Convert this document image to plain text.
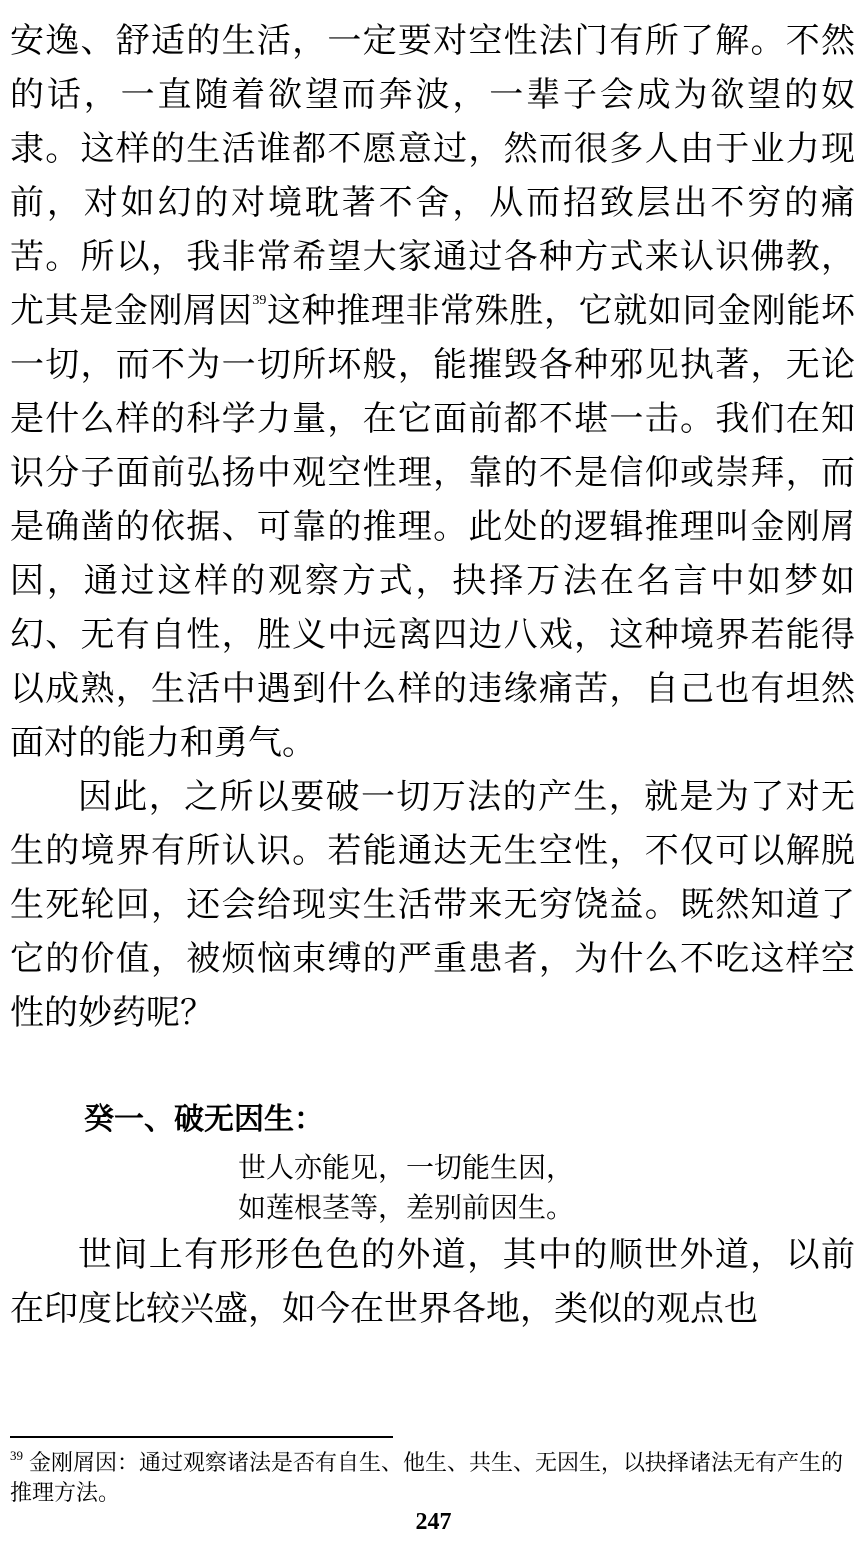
安逸、舒适的生活，一定要对空性法门有所了解。不然的话，一直随着欲望而奔波，一辈子会成为欲望的奴隶。这样的生活谁都不愿意过，然而很多人由于业力现前，对如幻的对境耽著不舍，从而招致层出不穷的痛苦。所以，我非常希望大家通过各种方式来认识佛教，尤其是金刚屑因$^{39}$这种推理非常殊胜，它就如同金刚能坏一切，而不为一切所坏般，能摧毁各种邪见执著，无论是什么样的科学力量，在它面前都不堪一击。我们在知识分子面前弘扬中观空性理，靠的不是信仰或崇拜，而是确凿的依据、可靠的推理。此处的逻辑推理叫金刚屑因，通过这样的观察方式，抉择万法在名言中如梦如幻、无有自性，胜义中远离四边八戏，这种境界若能得以成熟，生活中遇到什么样的违缘痛苦，自己也有坦然面对的能力和勇气。

因此，之所以要破一切万法的产生，就是为了对无生的境界有所认识。若能通达无生空性，不仅可以解脱生死轮回，还会给现实生活带来无穷饶益。既然知道了它的价值，被烦恼束缚的严重患者，为什么不吃这样空性的妙药呢？

癸一、破无因生：
世人亦能见，一切能生因，
如莲根茎等，差别前因生。

世间上有形形色色的外道，其中的顺世外道，以前在印度比较兴盛，如今在世界各地，类似的观点也

$^{39}$ 金刚屑因：通过观察诸法是否有自生、他生、共生、无因生，以抉择诸法无有产生的推理方法。
247
